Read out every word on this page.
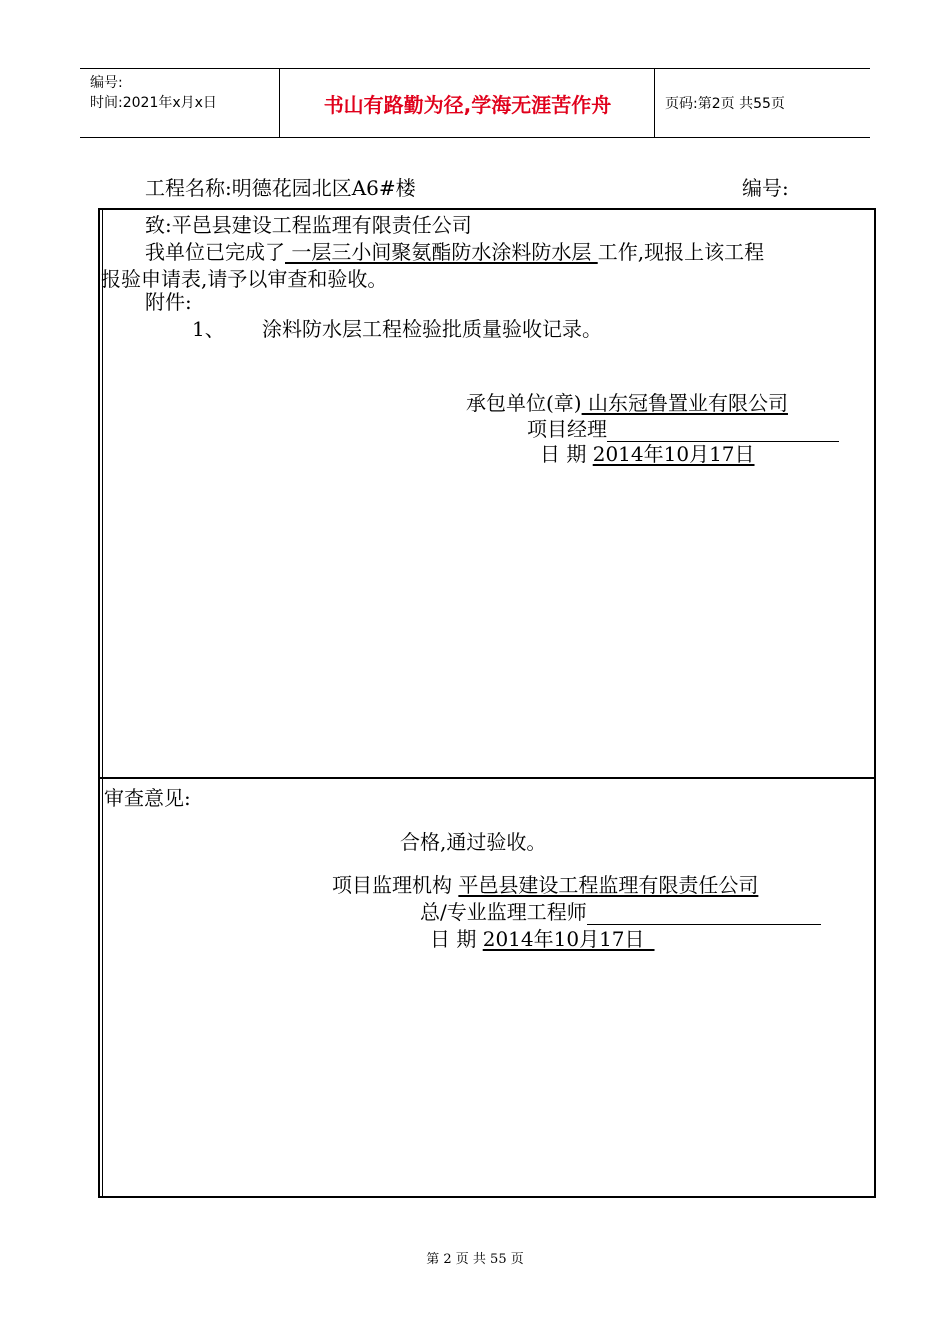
编号:
时间:2021年x月x日	书山有路勤为径,学海无涯苦作舟	页码:第2页 共55页
工程名称:明德花园北区A6#楼	编号:
致:平邑县建设工程监理有限责任公司
我单位已完成了 一层三小间聚氨酯防水涂料防水层 工作,现报上该工程
报验申请表,请予以审查和验收。
附件:
1、 涂料防水层工程检验批质量验收记录。
承包单位(章) 山东冠鲁置业有限公司
项目经理
日 期 2014年10月17日
审查意见:
合格,通过验收。
项目监理机构 平邑县建设工程监理有限责任公司
总/专业监理工程师
日 期 2014年10月17日_
第 2 页 共 55 页
